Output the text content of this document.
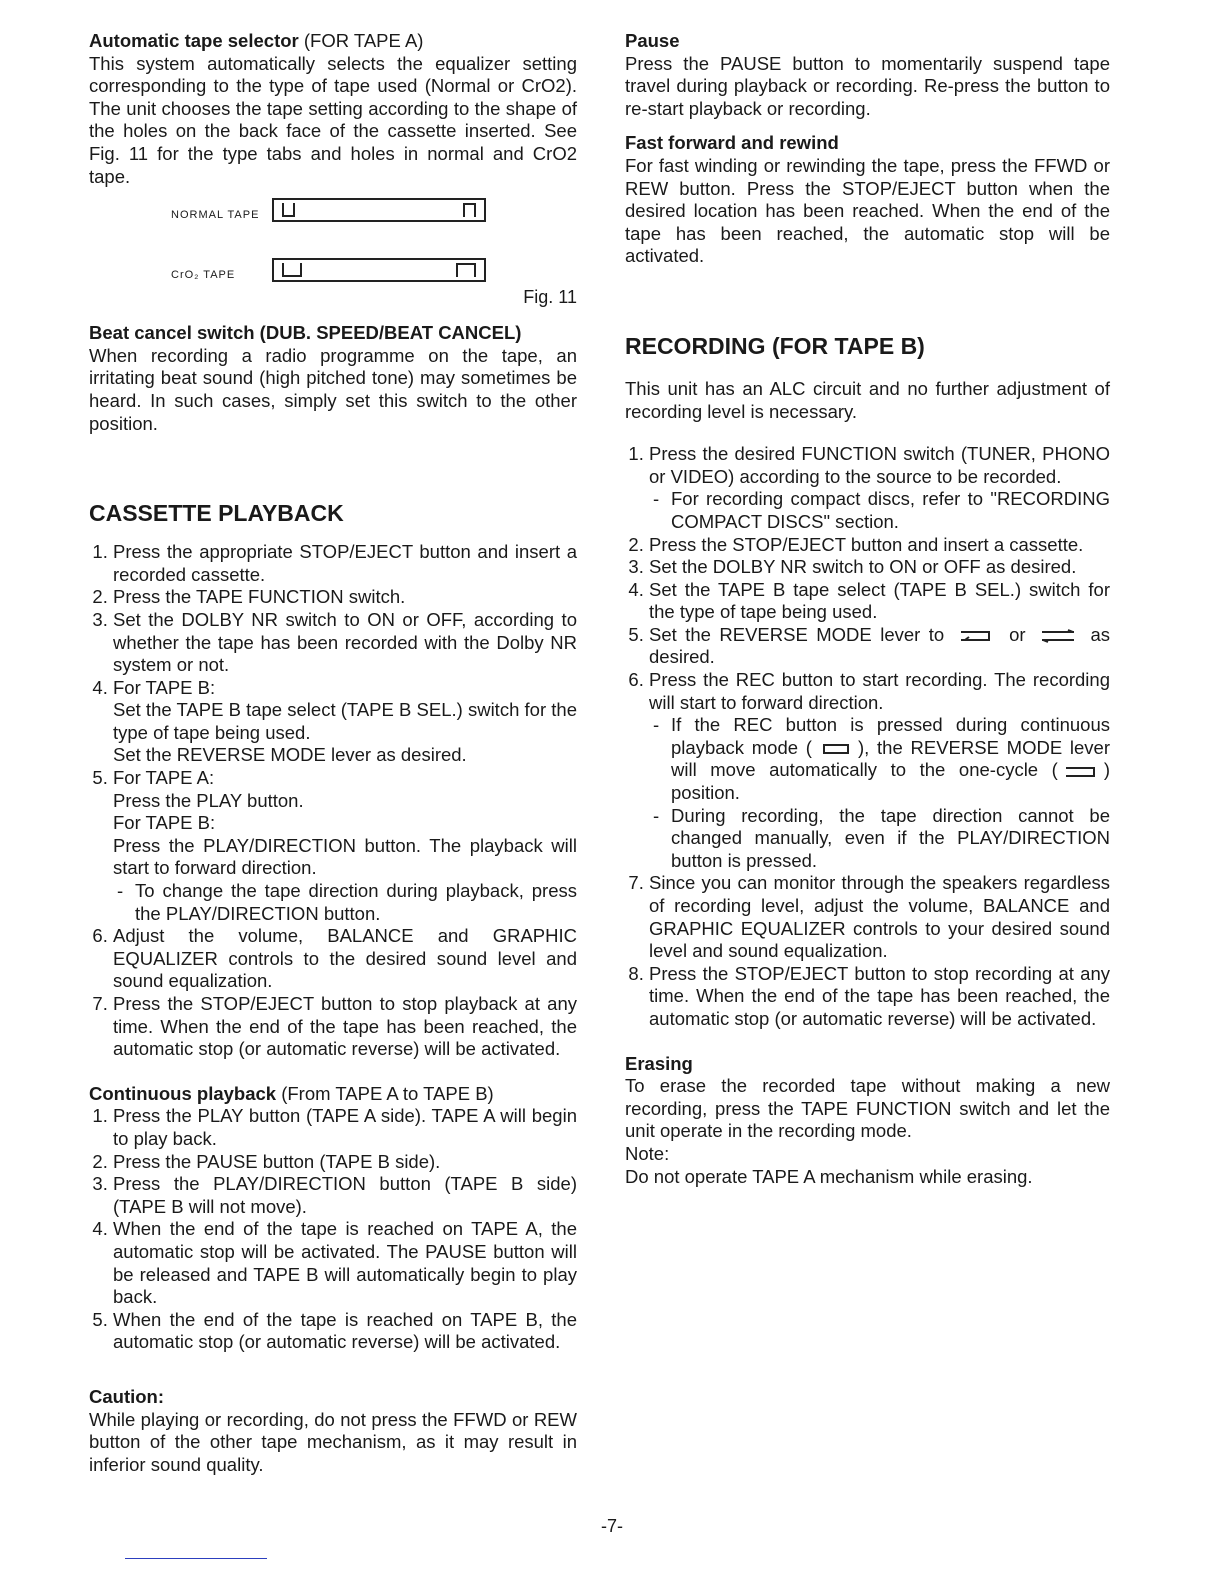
Automatic tape selector (FOR TAPE A)

This system automatically selects the equalizer setting corresponding to the type of tape used (Normal or CrO2). The unit chooses the tape setting according to the shape of the holes on the back face of the cassette inserted. See Fig. 11 for the type tabs and holes in normal and CrO2 tape.

NORMAL TAPE
CrO₂ TAPE
Fig. 11

Beat cancel switch (DUB. SPEED/BEAT CANCEL)

When recording a radio programme on the tape, an irritating beat sound (high pitched tone) may sometimes be heard. In such cases, simply set this switch to the other position.

CASSETTE PLAYBACK
1. Press the appropriate STOP/EJECT button and insert a recorded cassette.
2. Press the TAPE FUNCTION switch.
3. Set the DOLBY NR switch to ON or OFF, according to whether the tape has been recorded with the Dolby NR system or not.
4. For TAPE B:
Set the TAPE B tape select (TAPE B SEL.) switch for the type of tape being used.
Set the REVERSE MODE lever as desired.
5. For TAPE A:
Press the PLAY button.
For TAPE B:
Press the PLAY/DIRECTION button. The playback will start to forward direction.
- To change the tape direction during playback, press the PLAY/DIRECTION button.
6. Adjust the volume, BALANCE and GRAPHIC EQUALIZER controls to the desired sound level and sound equalization.
7. Press the STOP/EJECT button to stop playback at any time. When the end of the tape has been reached, the automatic stop (or automatic reverse) will be activated.

Continuous playback (From TAPE A to TAPE B)

1. Press the PLAY button (TAPE A side). TAPE A will begin to play back.
2. Press the PAUSE button (TAPE B side).
3. Press the PLAY/DIRECTION button (TAPE B side) (TAPE B will not move).
4. When the end of the tape is reached on TAPE A, the automatic stop will be activated. The PAUSE button will be released and TAPE B will automatically begin to play back.
5. When the end of the tape is reached on TAPE B, the automatic stop (or automatic reverse) will be activated.

Caution:

While playing or recording, do not press the FFWD or REW button of the other tape mechanism, as it may result in inferior sound quality.

Pause

Press the PAUSE button to momentarily suspend tape travel during playback or recording. Re-press the button to re-start playback or recording.

Fast forward and rewind

For fast winding or rewinding the tape, press the FFWD or REW button. Press the STOP/EJECT button when the desired location has been reached. When the end of the tape has been reached, the automatic stop will be activated.

RECORDING (FOR TAPE B)

This unit has an ALC circuit and no further adjustment of recording level is necessary.

1. Press the desired FUNCTION switch (TUNER, PHONO or VIDEO) according to the source to be recorded.
- For recording compact discs, refer to "RECORDING COMPACT DISCS" section.
2. Press the STOP/EJECT button and insert a cassette.
3. Set the DOLBY NR switch to ON or OFF as desired.
4. Set the TAPE B tape select (TAPE B SEL.) switch for the type of tape being used.
5. Set the REVERSE MODE lever to	or	as desired.
6. Press the REC button to start recording. The recording will start to forward direction.
- If the REC button is pressed during continuous playback mode ( ), the REVERSE MODE lever will move automatically to the one-cycle ( ) position.
- During recording, the tape direction cannot be changed manually, even if the PLAY/DIRECTION button is pressed.
7. Since you can monitor through the speakers regardless of recording level, adjust the volume, BALANCE and GRAPHIC EQUALIZER controls to your desired sound level and sound equalization.
8. Press the STOP/EJECT button to stop recording at any time. When the end of the tape has been reached, the automatic stop (or automatic reverse) will be activated.

Erasing

To erase the recorded tape without making a new recording, press the TAPE FUNCTION switch and let the unit operate in the recording mode.

Note:

Do not operate TAPE A mechanism while erasing.

-7-
